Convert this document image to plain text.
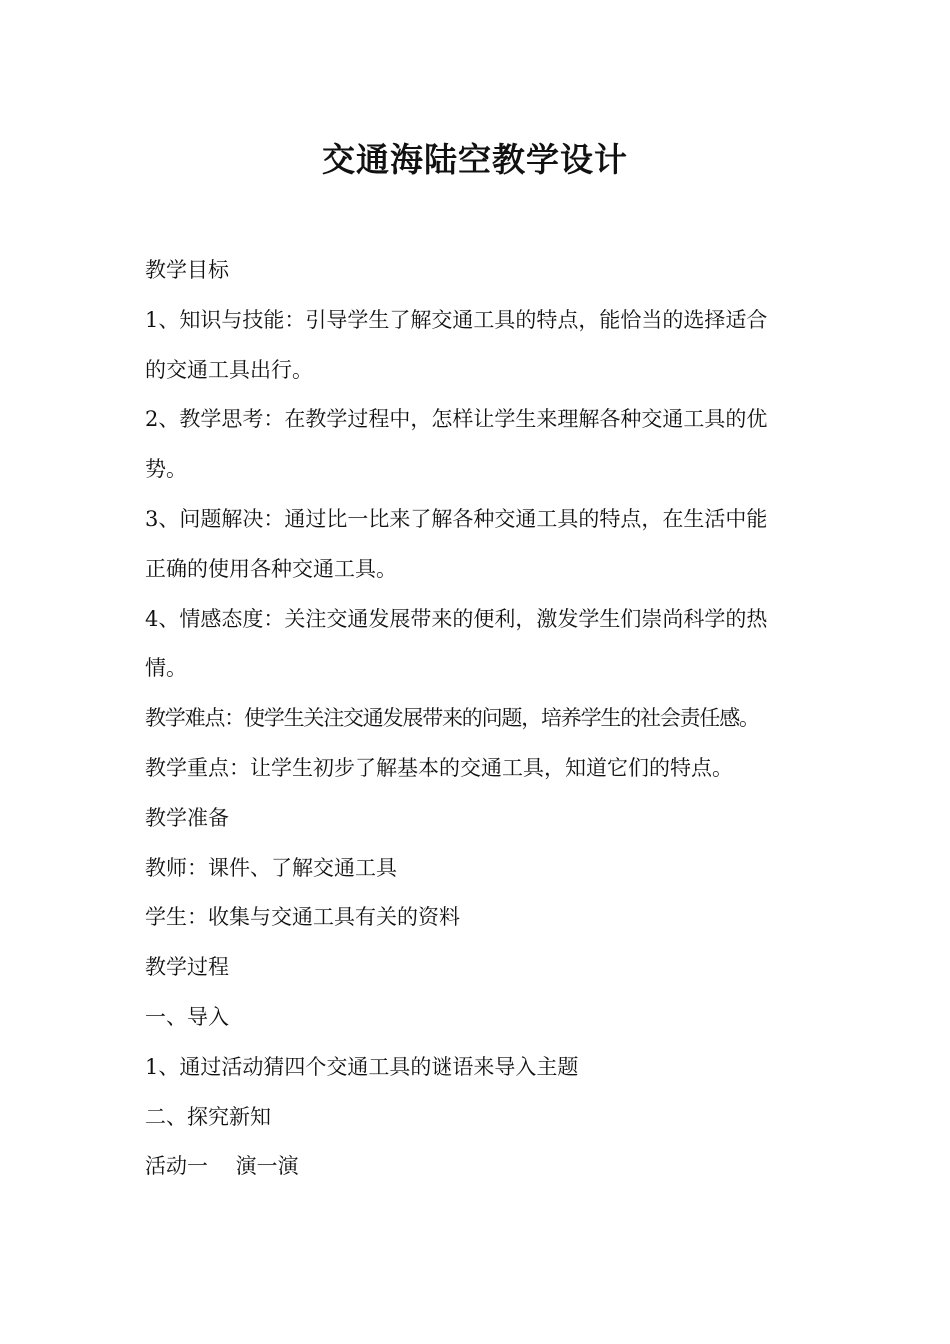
交通海陆空教学设计
教学目标
1、知识与技能：引导学生了解交通工具的特点，能恰当的选择适合
的交通工具出行。
2、教学思考：在教学过程中，怎样让学生来理解各种交通工具的优
势。
3、问题解决：通过比一比来了解各种交通工具的特点，在生活中能
正确的使用各种交通工具。
4、情感态度：关注交通发展带来的便利，激发学生们崇尚科学的热
情。
教学难点：使学生关注交通发展带来的问题，培养学生的社会责任感。
教学重点：让学生初步了解基本的交通工具，知道它们的特点。
教学准备
教师：课件、了解交通工具
学生：收集与交通工具有关的资料
教学过程
一、导入
1、通过活动猜四个交通工具的谜语来导入主题
二、探究新知
活动一　 演一演
